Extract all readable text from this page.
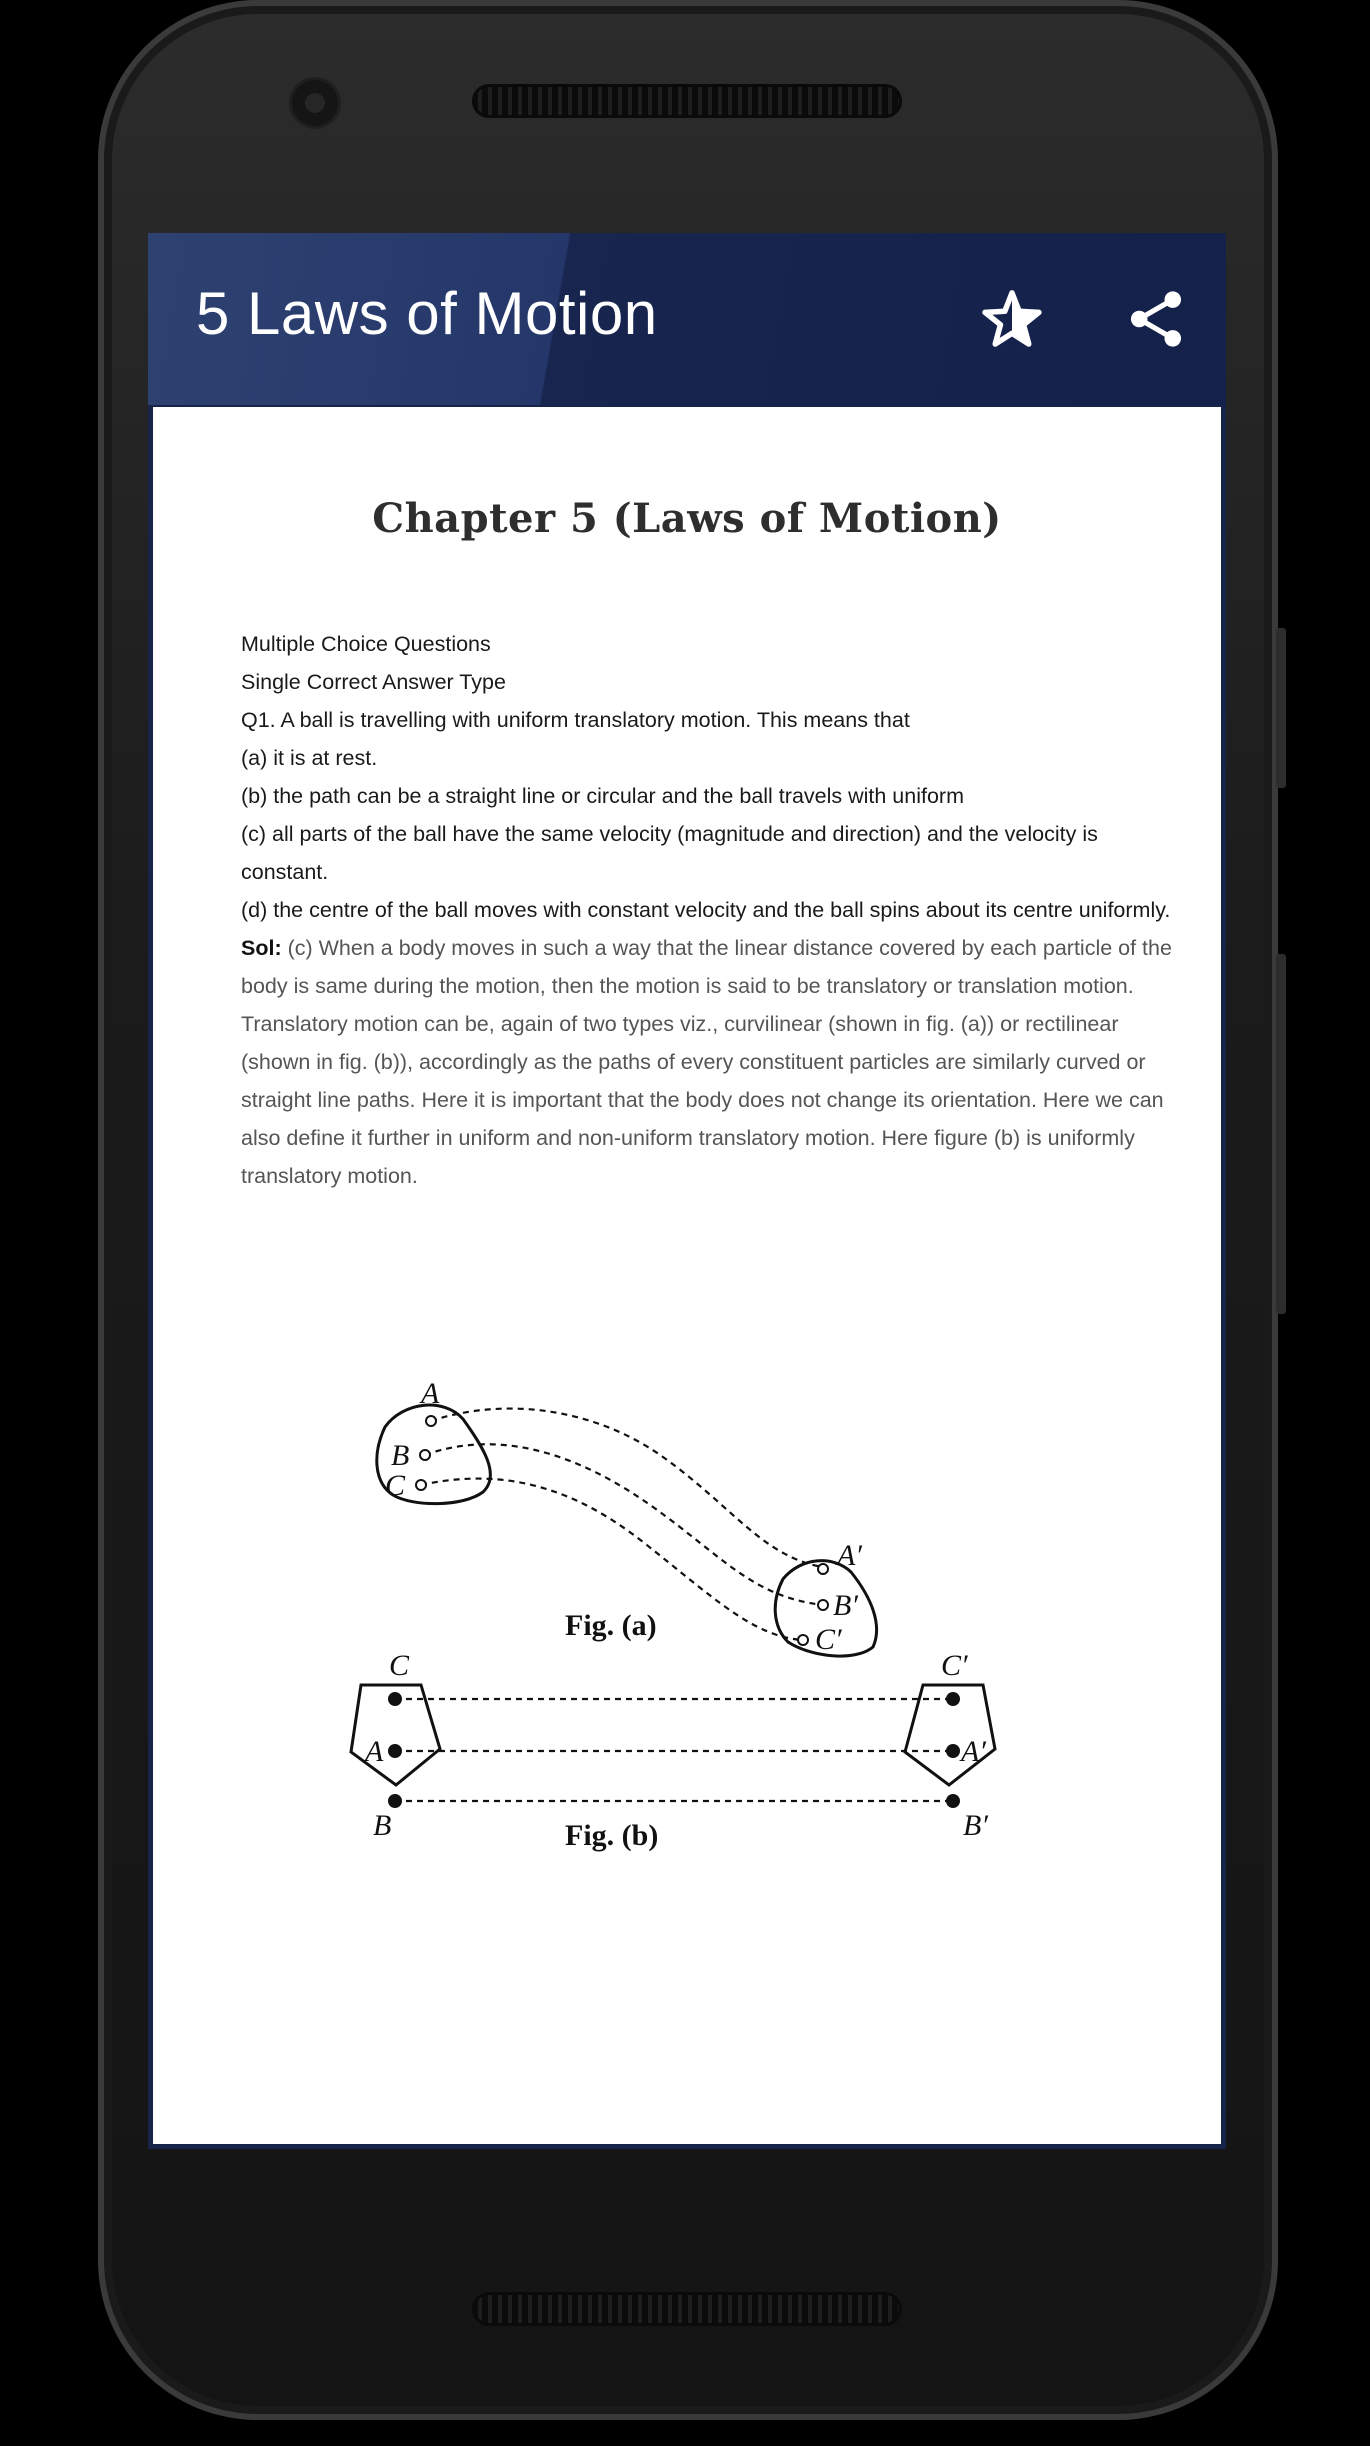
5 Laws of Motion
Chapter 5 (Laws of Motion)

Multiple Choice Questions

Single Correct Answer Type

Q1. A ball is travelling with uniform translatory motion. This means that

(a) it is at rest.

(b) the path can be a straight line or circular and the ball travels with uniform

(c) all parts of the ball have the same velocity (magnitude and direction) and the velocity is constant.

(d) the centre of the ball moves with constant velocity and the ball spins about its centre uniformly.

Sol: (c) When a body moves in such a way that the linear distance covered by each particle of the body is same during the motion, then the motion is said to be translatory or translation motion.

Translatory motion can be, again of two types viz., curvilinear (shown in fig. (a)) or rectilinear (shown in fig. (b)), accordingly as the paths of every constituent particles are similarly curved or straight line paths. Here it is important that the body does not change its orientation. Here we can also define it further in uniform and non-uniform translatory motion. Here figure (b) is uniformly translatory motion.

A
B
C
A′
B′
C′
Fig. (a)
C
A
B
C′
A′
B′
Fig. (b)
